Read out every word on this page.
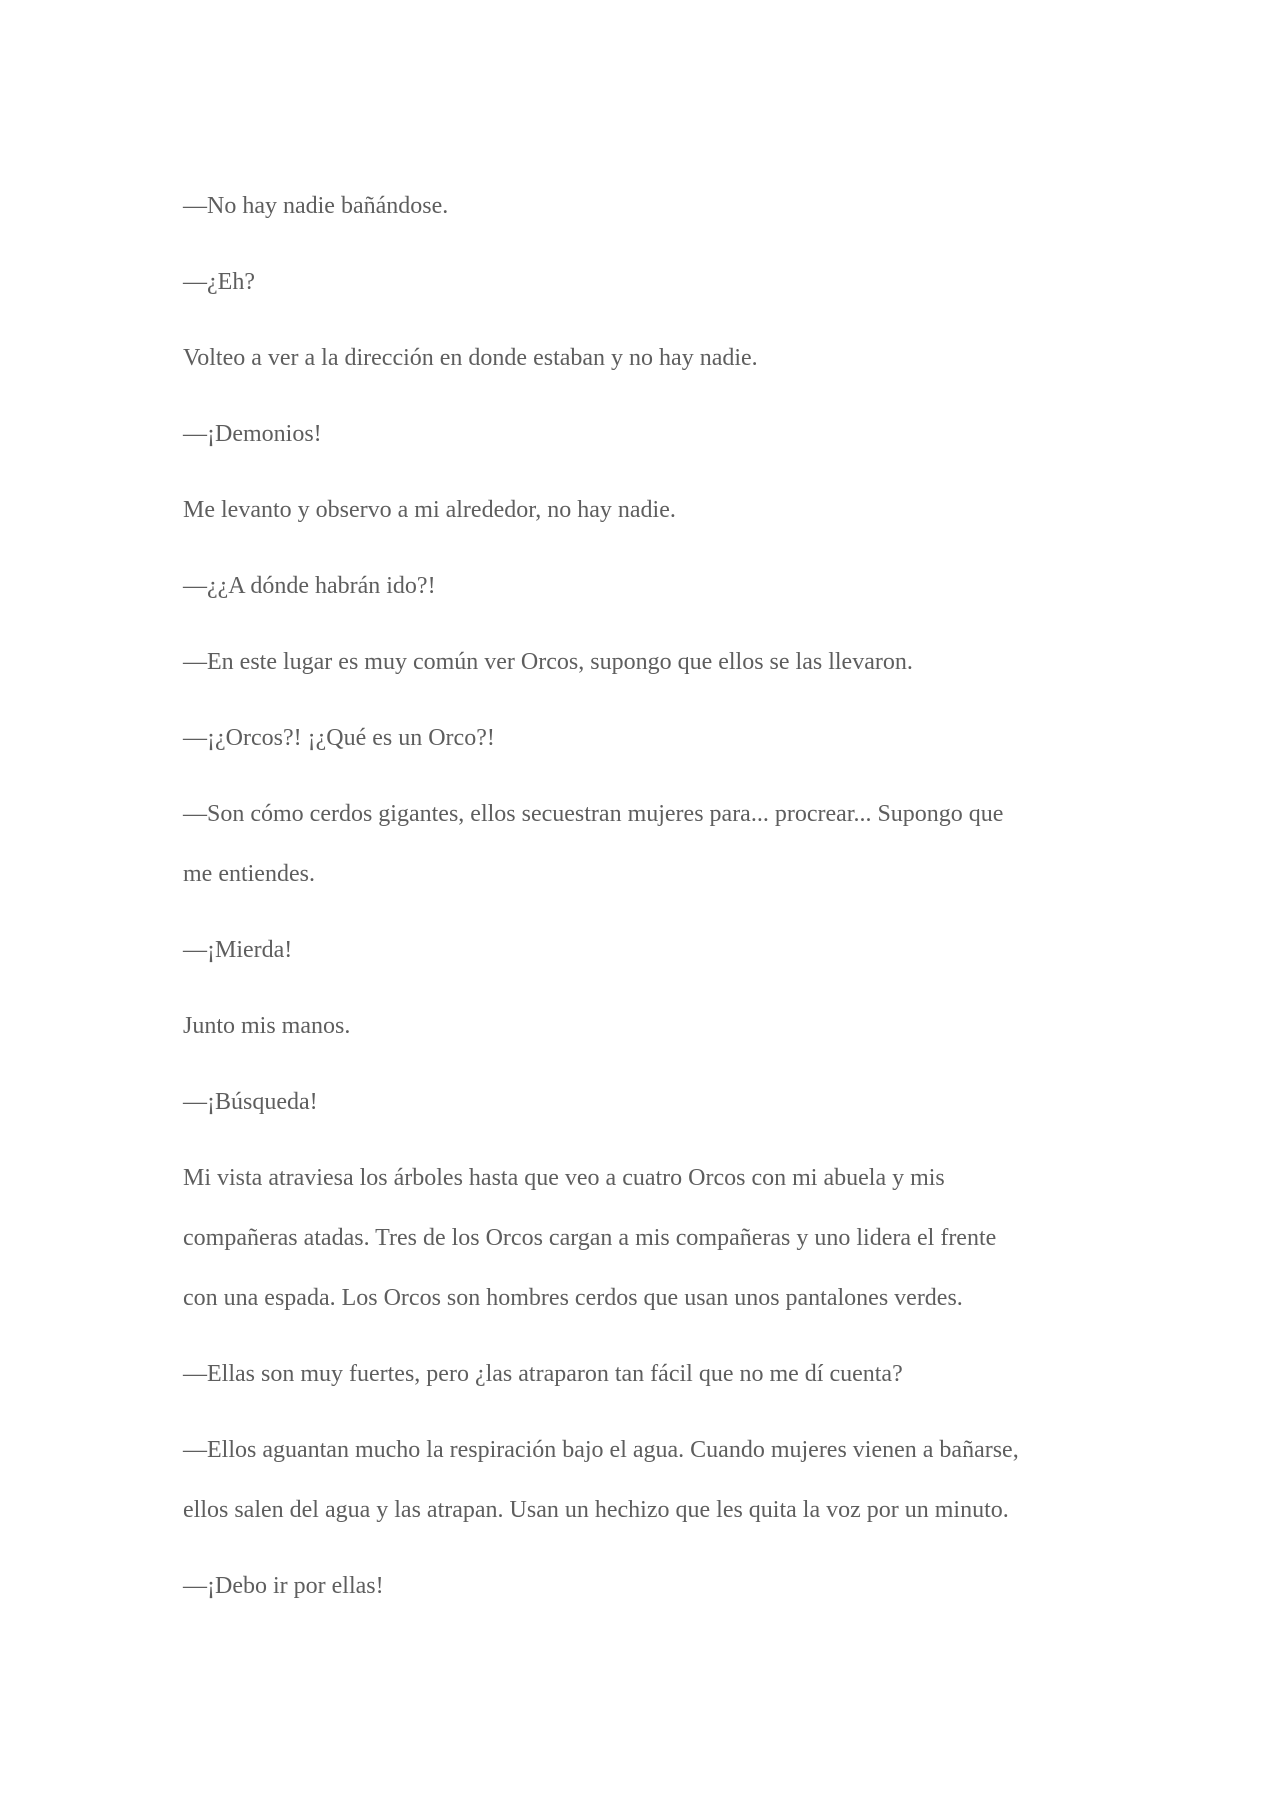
—No hay nadie bañándose.

—¿Eh?

Volteo a ver a la dirección en donde estaban y no hay nadie.

—¡Demonios!

Me levanto y observo a mi alrededor, no hay nadie.

—¿¿A dónde habrán ido?!

—En este lugar es muy común ver Orcos, supongo que ellos se las llevaron.

—¡¿Orcos?! ¡¿Qué es un Orco?!

—Son cómo cerdos gigantes, ellos secuestran mujeres para... procrear... Supongo que
me entiendes.

—¡Mierda!

Junto mis manos.

—¡Búsqueda!

Mi vista atraviesa los árboles hasta que veo a cuatro Orcos con mi abuela y mis
compañeras atadas. Tres de los Orcos cargan a mis compañeras y uno lidera el frente
con una espada. Los Orcos son hombres cerdos que usan unos pantalones verdes.

—Ellas son muy fuertes, pero ¿las atraparon tan fácil que no me dí cuenta?

—Ellos aguantan mucho la respiración bajo el agua. Cuando mujeres vienen a bañarse,
ellos salen del agua y las atrapan. Usan un hechizo que les quita la voz por un minuto.

—¡Debo ir por ellas!
